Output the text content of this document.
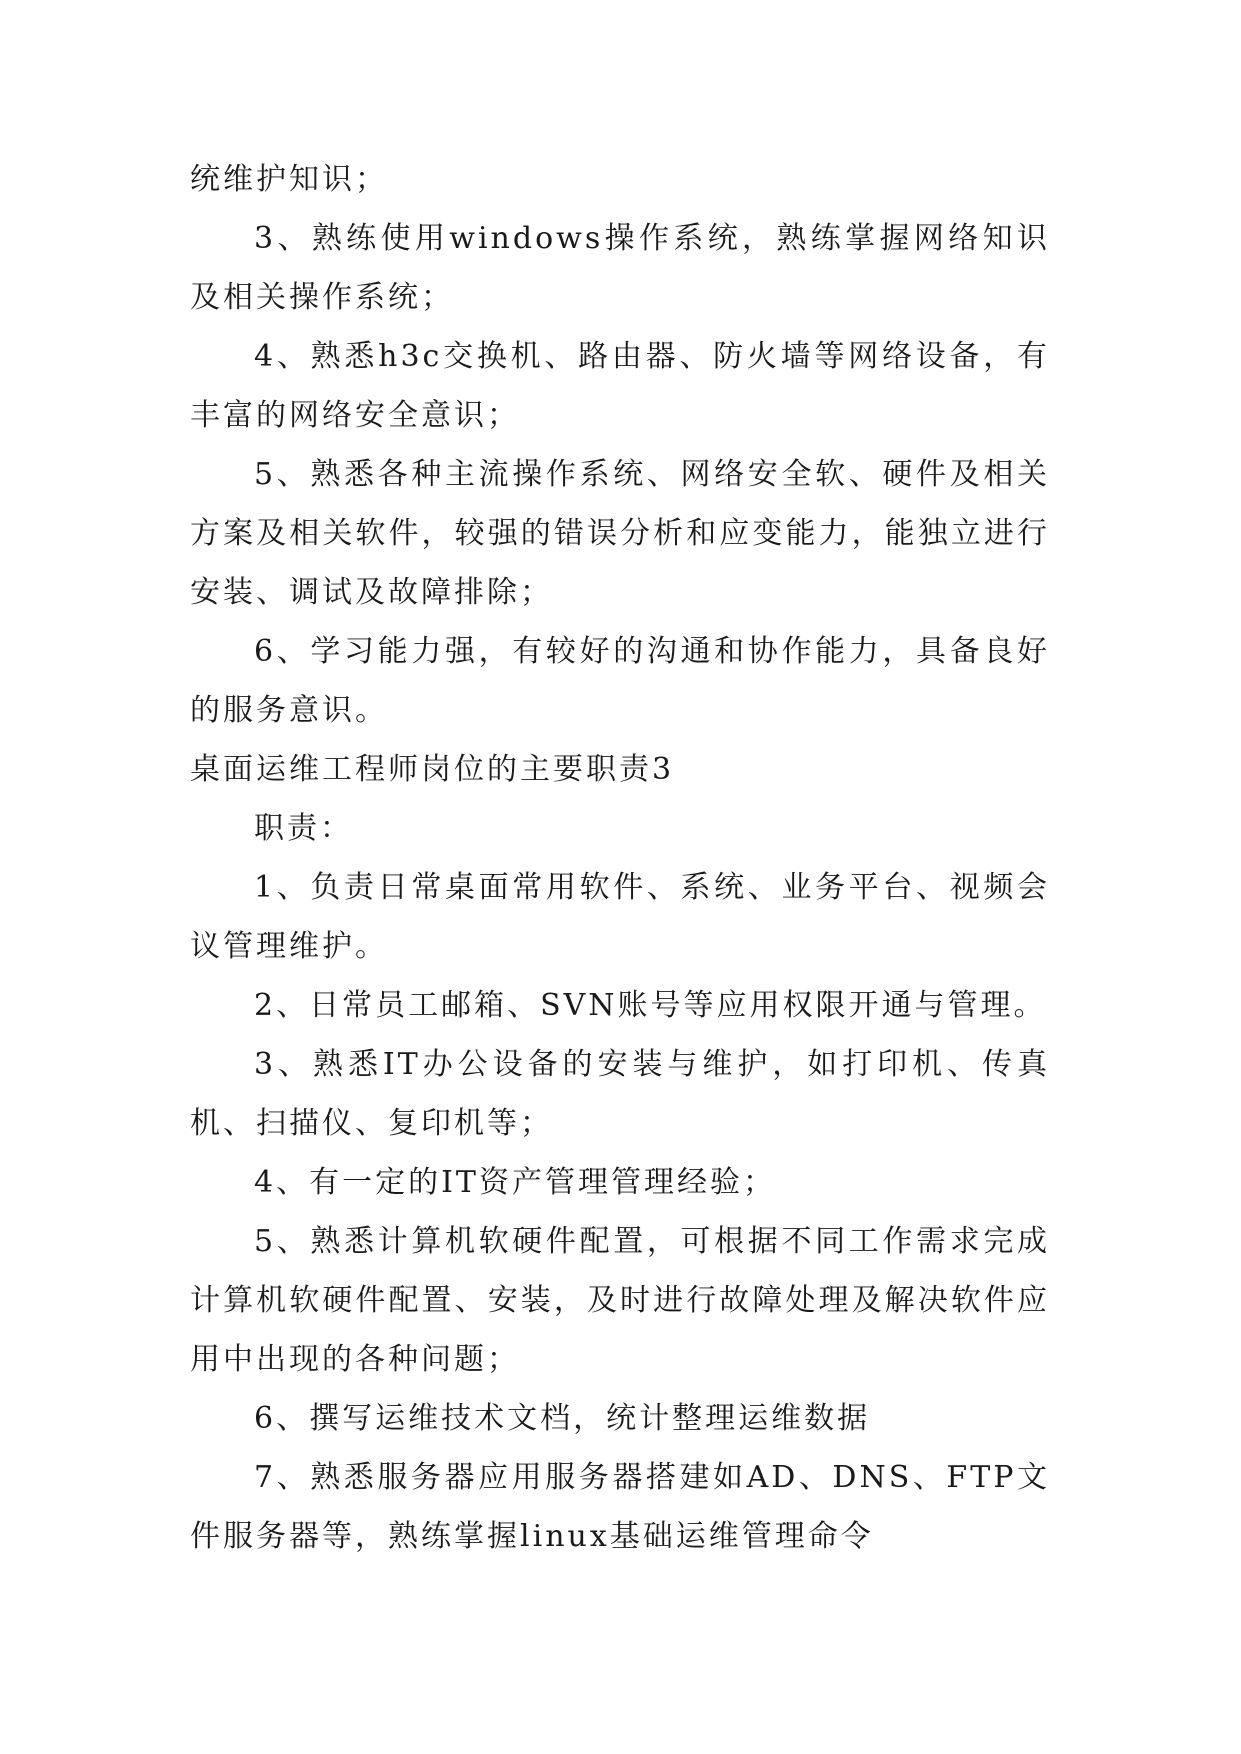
统维护知识；

3、熟练使用windows操作系统，熟练掌握网络知识及相关操作系统；

4、熟悉h3c交换机、路由器、防火墙等网络设备，有丰富的网络安全意识；

5、熟悉各种主流操作系统、网络安全软、硬件及相关方案及相关软件，较强的错误分析和应变能力，能独立进行安装、调试及故障排除；

6、学习能力强，有较好的沟通和协作能力，具备良好的服务意识。

桌面运维工程师岗位的主要职责3

职责：

1、负责日常桌面常用软件、系统、业务平台、视频会议管理维护。

2、日常员工邮箱、SVN账号等应用权限开通与管理。

3、熟悉IT办公设备的安装与维护，如打印机、传真机、扫描仪、复印机等；

4、有一定的IT资产管理管理经验；

5、熟悉计算机软硬件配置，可根据不同工作需求完成计算机软硬件配置、安装，及时进行故障处理及解决软件应用中出现的各种问题；

6、撰写运维技术文档，统计整理运维数据

7、熟悉服务器应用服务器搭建如AD、DNS、FTP文件服务器等，熟练掌握linux基础运维管理命令
